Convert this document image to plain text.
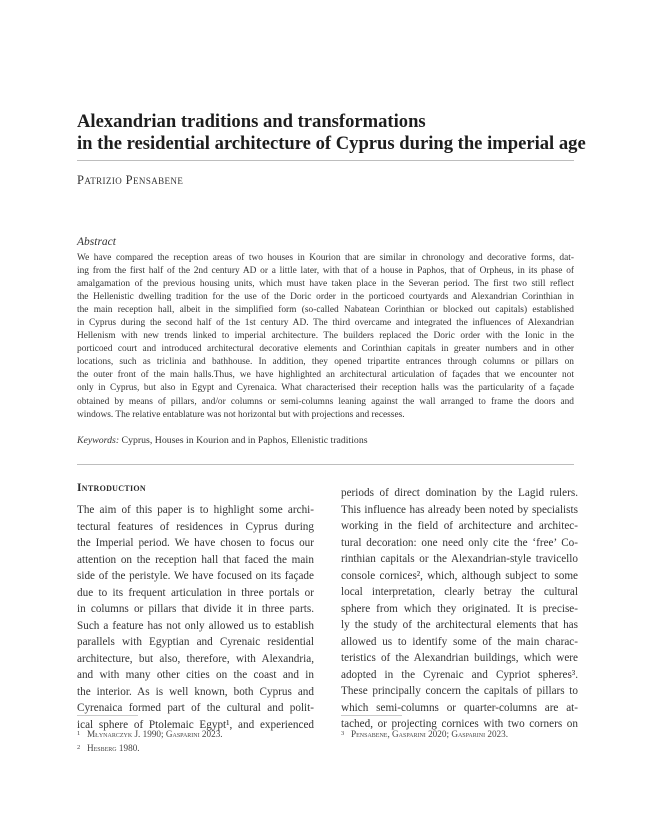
Alexandrian traditions and transformations
in the residential architecture of Cyprus during the imperial age
Patrizio Pensabene
Abstract
We have compared the reception areas of two houses in Kourion that are similar in chronology and decorative forms, dat-
ing from the first half of the 2nd century AD or a little later, with that of a house in Paphos, that of Orpheus, in its phase of
amalgamation of the previous housing units, which must have taken place in the Severan period. The first two still reflect
the Hellenistic dwelling tradition for the use of the Doric order in the porticoed courtyards and Alexandrian Corinthian in
the main reception hall, albeit in the simplified form (so-called Nabatean Corinthian or blocked out capitals) established
in Cyprus during the second half of the 1st century AD. The third overcame and integrated the influences of Alexandrian
Hellenism with new trends linked to imperial architecture. The builders replaced the Doric order with the Ionic in the
porticoed court and introduced architectural decorative elements and Corinthian capitals in greater numbers and in other
locations, such as triclinia and bathhouse. In addition, they opened tripartite entrances through columns or pillars on
the outer front of the main halls.Thus, we have highlighted an architectural articulation of façades that we encounter not
only in Cyprus, but also in Egypt and Cyrenaica. What characterised their reception halls was the particularity of a façade
obtained by means of pillars, and/or columns or semi-columns leaning against the wall arranged to frame the doors and
windows. The relative entablature was not horizontal but with projections and recesses.
Keywords: Cyprus, Houses in Kourion and in Paphos, Ellenistic traditions
Introduction
The aim of this paper is to highlight some archi-
tectural features of residences in Cyprus during
the Imperial period. We have chosen to focus our
attention on the reception hall that faced the main
side of the peristyle. We have focused on its façade
due to its frequent articulation in three portals or
in columns or pillars that divide it in three parts.
Such a feature has not only allowed us to establish
parallels with Egyptian and Cyrenaic residential
architecture, but also, therefore, with Alexandria,
and with many other cities on the coast and in
the interior. As is well known, both Cyprus and
Cyrenaica formed part of the cultural and polit-
ical sphere of Ptolemaic Egypt¹, and experienced
periods of direct domination by the Lagid rulers.
This influence has already been noted by specialists
working in the field of architecture and architec-
tural decoration: one need only cite the ‘free’ Co-
rinthian capitals or the Alexandrian-style travicello
console cornices², which, although subject to some
local interpretation, clearly betray the cultural
sphere from which they originated. It is precise-
ly the study of the architectural elements that has
allowed us to identify some of the main charac-
teristics of the Alexandrian buildings, which were
adopted in the Cyrenaic and Cypriot spheres³.
These principally concern the capitals of pillars to
which semi-columns or quarter-columns are at-
tached, or projecting cornices with two corners on
1 Młynarczyk J. 1990; Gasparini 2023.
2 Hesberg 1980.
3 Pensabene, Gasparini 2020; Gasparini 2023.
